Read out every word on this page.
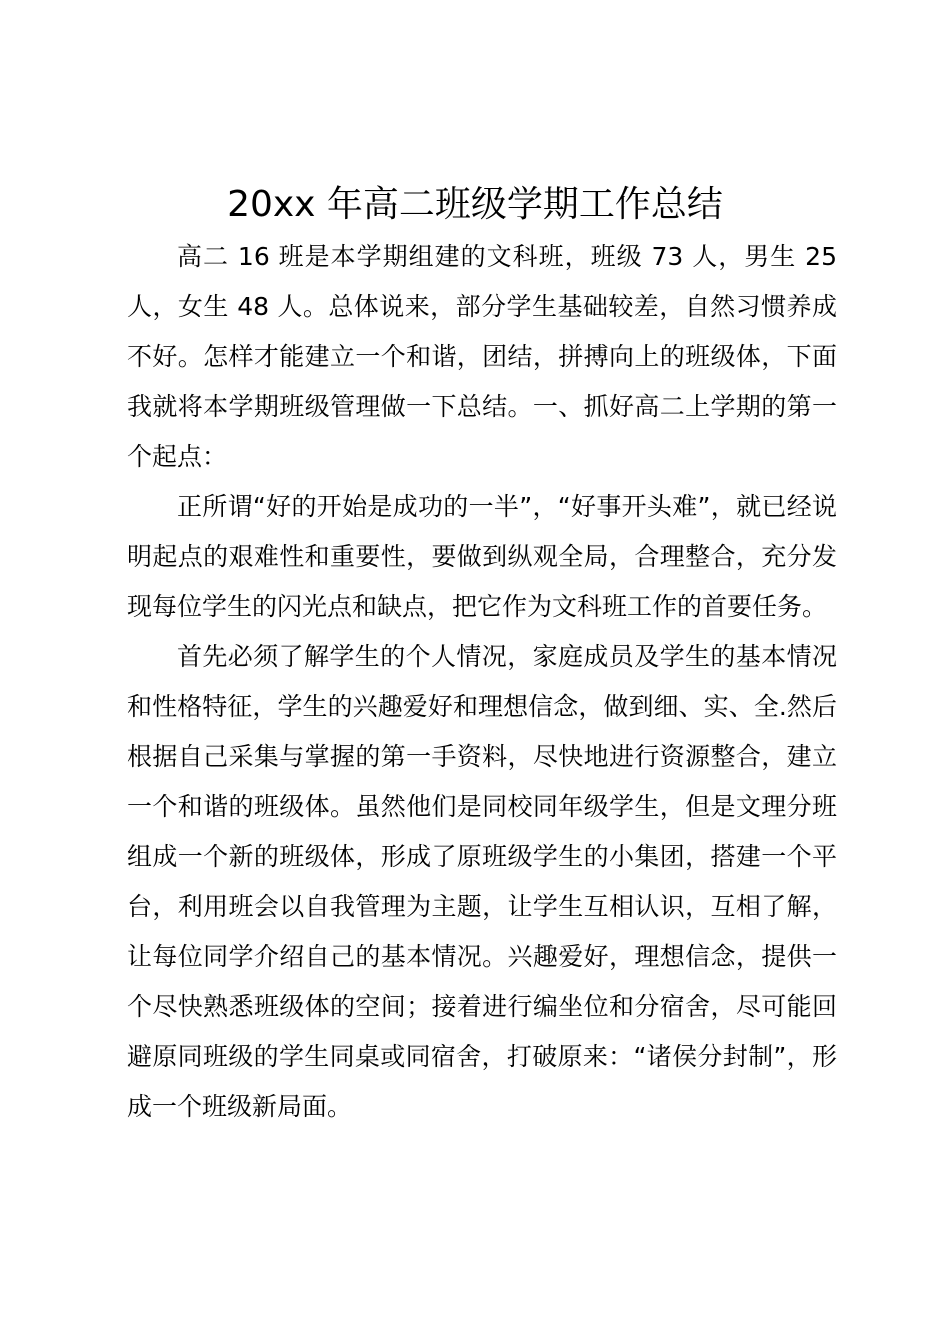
20xx 年高二班级学期工作总结

高二 16 班是本学期组建的文科班，班级 73 人，男生 25 人，女生 48 人。总体说来，部分学生基础较差，自然习惯养成不好。怎样才能建立一个和谐，团结，拼搏向上的班级体，下面我就将本学期班级管理做一下总结。一、抓好高二上学期的第一个起点：

正所谓“好的开始是成功的一半”，“好事开头难”，就已经说明起点的艰难性和重要性，要做到纵观全局，合理整合，充分发现每位学生的闪光点和缺点，把它作为文科班工作的首要任务。

首先必须了解学生的个人情况，家庭成员及学生的基本情况和性格特征，学生的兴趣爱好和理想信念，做到细、实、全.然后根据自己采集与掌握的第一手资料，尽快地进行资源整合，建立一个和谐的班级体。虽然他们是同校同年级学生，但是文理分班组成一个新的班级体，形成了原班级学生的小集团，搭建一个平台，利用班会以自我管理为主题，让学生互相认识，互相了解，让每位同学介绍自己的基本情况。兴趣爱好，理想信念，提供一个尽快熟悉班级体的空间；接着进行编坐位和分宿舍，尽可能回避原同班级的学生同桌或同宿舍，打破原来：“诸侯分封制”，形成一个班级新局面。
